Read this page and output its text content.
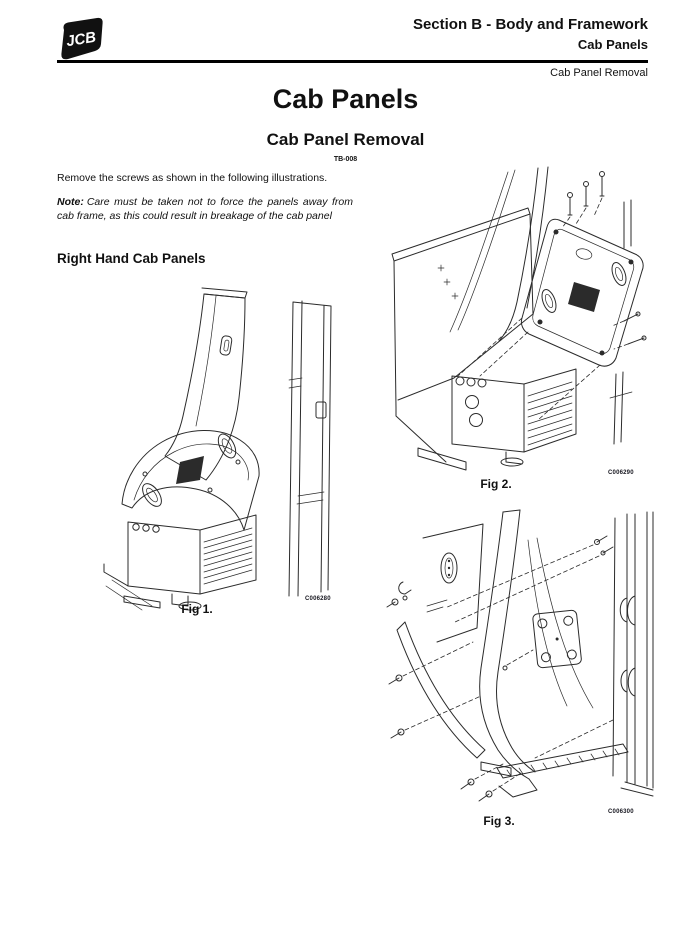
JCB
Section B - Body and Framework
Cab Panels
Cab Panel Removal
Cab Panels
Cab Panel Removal
TB-008

Remove the screws as shown in the following illustrations.

Note: Care must be taken not to force the panels away from cab frame, as this could result in breakage of the cab panel

Right Hand Cab Panels
Fig 1.
C006280
Fig 2.
C006290
Fig 3.
C006300
